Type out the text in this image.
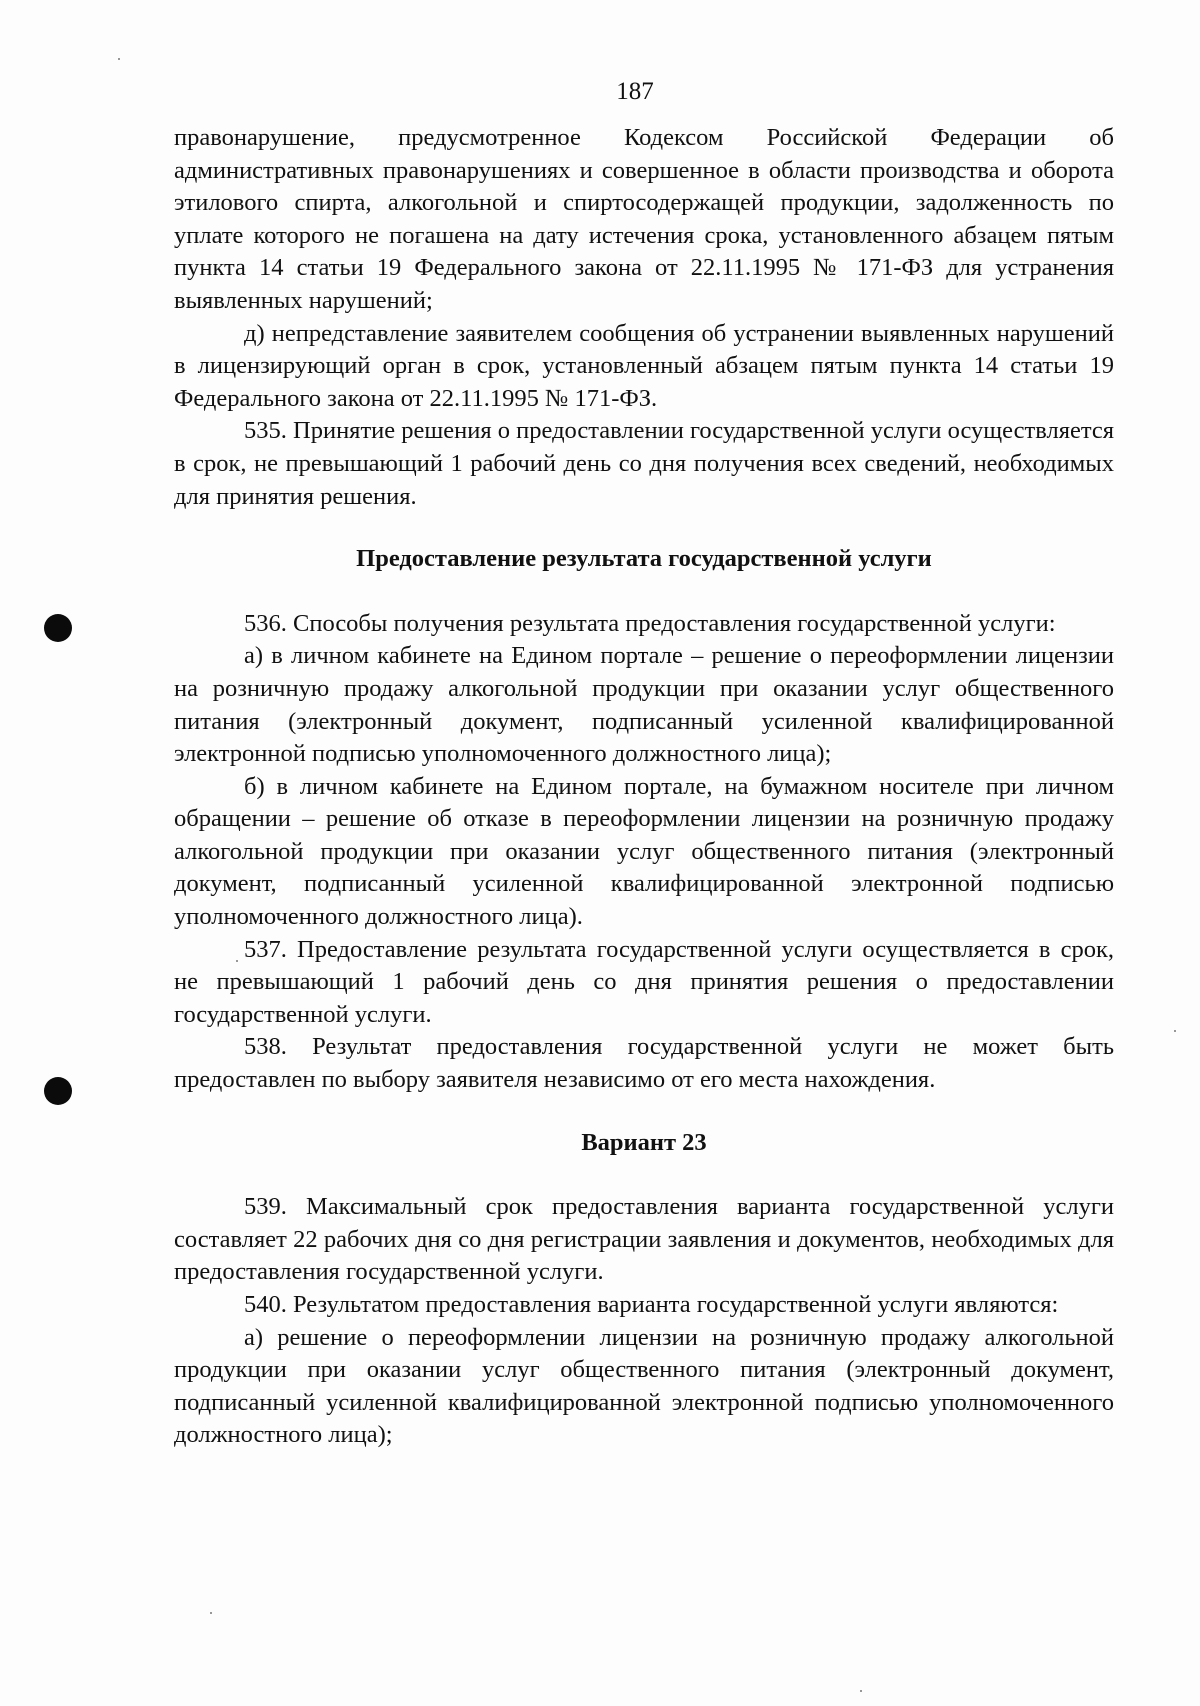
187

правонарушение, предусмотренное Кодексом Российской Федерации об административных правонарушениях и совершенное в области производства и оборота этилового спирта, алкогольной и спиртосодержащей продукции, задолженность по уплате которого не погашена на дату истечения срока, установленного абзацем пятым пункта 14 статьи 19 Федерального закона от 22.11.1995 № 171-ФЗ для устранения выявленных нарушений;

д) непредставление заявителем сообщения об устранении выявленных нарушений в лицензирующий орган в срок, установленный абзацем пятым пункта 14 статьи 19 Федерального закона от 22.11.1995 № 171-ФЗ.

535. Принятие решения о предоставлении государственной услуги осуществляется в срок, не превышающий 1 рабочий день со дня получения всех сведений, необходимых для принятия решения.

Предоставление результата государственной услуги

536. Способы получения результата предоставления государственной услуги:

а) в личном кабинете на Едином портале – решение о переоформлении лицензии на розничную продажу алкогольной продукции при оказании услуг общественного питания (электронный документ, подписанный усиленной квалифицированной электронной подписью уполномоченного должностного лица);

б) в личном кабинете на Едином портале, на бумажном носителе при личном обращении – решение об отказе в переоформлении лицензии на розничную продажу алкогольной продукции при оказании услуг общественного питания (электронный документ, подписанный усиленной квалифицированной электронной подписью уполномоченного должностного лица).

537. Предоставление результата государственной услуги осуществляется в срок, не превышающий 1 рабочий день со дня принятия решения о предоставлении государственной услуги.

538. Результат предоставления государственной услуги не может быть предоставлен по выбору заявителя независимо от его места нахождения.

Вариант 23

539. Максимальный срок предоставления варианта государственной услуги составляет 22 рабочих дня со дня регистрации заявления и документов, необходимых для предоставления государственной услуги.

540. Результатом предоставления варианта государственной услуги являются:

а) решение о переоформлении лицензии на розничную продажу алкогольной продукции при оказании услуг общественного питания (электронный документ, подписанный усиленной квалифицированной электронной подписью уполномоченного должностного лица);
